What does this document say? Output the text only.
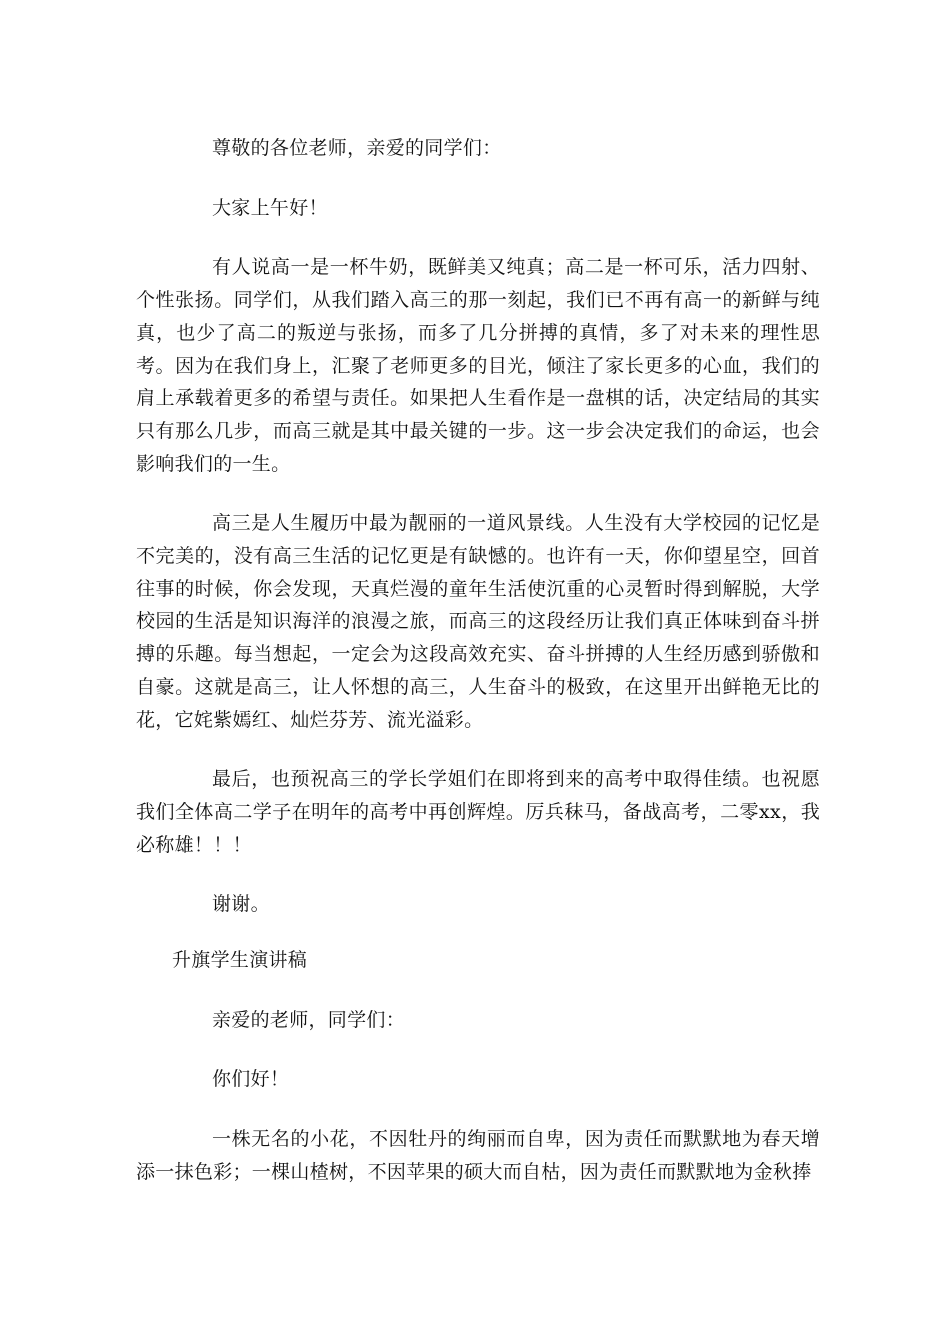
尊敬的各位老师，亲爱的同学们：

大家上午好！

有人说高一是一杯牛奶，既鲜美又纯真；高二是一杯可乐，活力四射、个性张扬。同学们，从我们踏入高三的那一刻起，我们已不再有高一的新鲜与纯真，也少了高二的叛逆与张扬，而多了几分拼搏的真情，多了对未来的理性思考。因为在我们身上，汇聚了老师更多的目光，倾注了家长更多的心血，我们的肩上承载着更多的希望与责任。如果把人生看作是一盘棋的话，决定结局的其实只有那么几步，而高三就是其中最关键的一步。这一步会决定我们的命运，也会影响我们的一生。

高三是人生履历中最为靓丽的一道风景线。人生没有大学校园的记忆是不完美的，没有高三生活的记忆更是有缺憾的。也许有一天，你仰望星空，回首往事的时候，你会发现，天真烂漫的童年生活使沉重的心灵暂时得到解脱，大学校园的生活是知识海洋的浪漫之旅，而高三的这段经历让我们真正体味到奋斗拼搏的乐趣。每当想起，一定会为这段高效充实、奋斗拼搏的人生经历感到骄傲和自豪。这就是高三，让人怀想的高三，人生奋斗的极致，在这里开出鲜艳无比的花，它姹紫嫣红、灿烂芬芳、流光溢彩。

最后，也预祝高三的学长学姐们在即将到来的高考中取得佳绩。也祝愿我们全体高二学子在明年的高考中再创辉煌。厉兵秣马，备战高考，二零xx，我必称雄！！！

谢谢。

升旗学生演讲稿

亲爱的老师，同学们：

你们好！

一株无名的小花，不因牡丹的绚丽而自卑，因为责任而默默地为春天增添一抹色彩；一棵山楂树，不因苹果的硕大而自枯，因为责任而默默地为金秋捧
